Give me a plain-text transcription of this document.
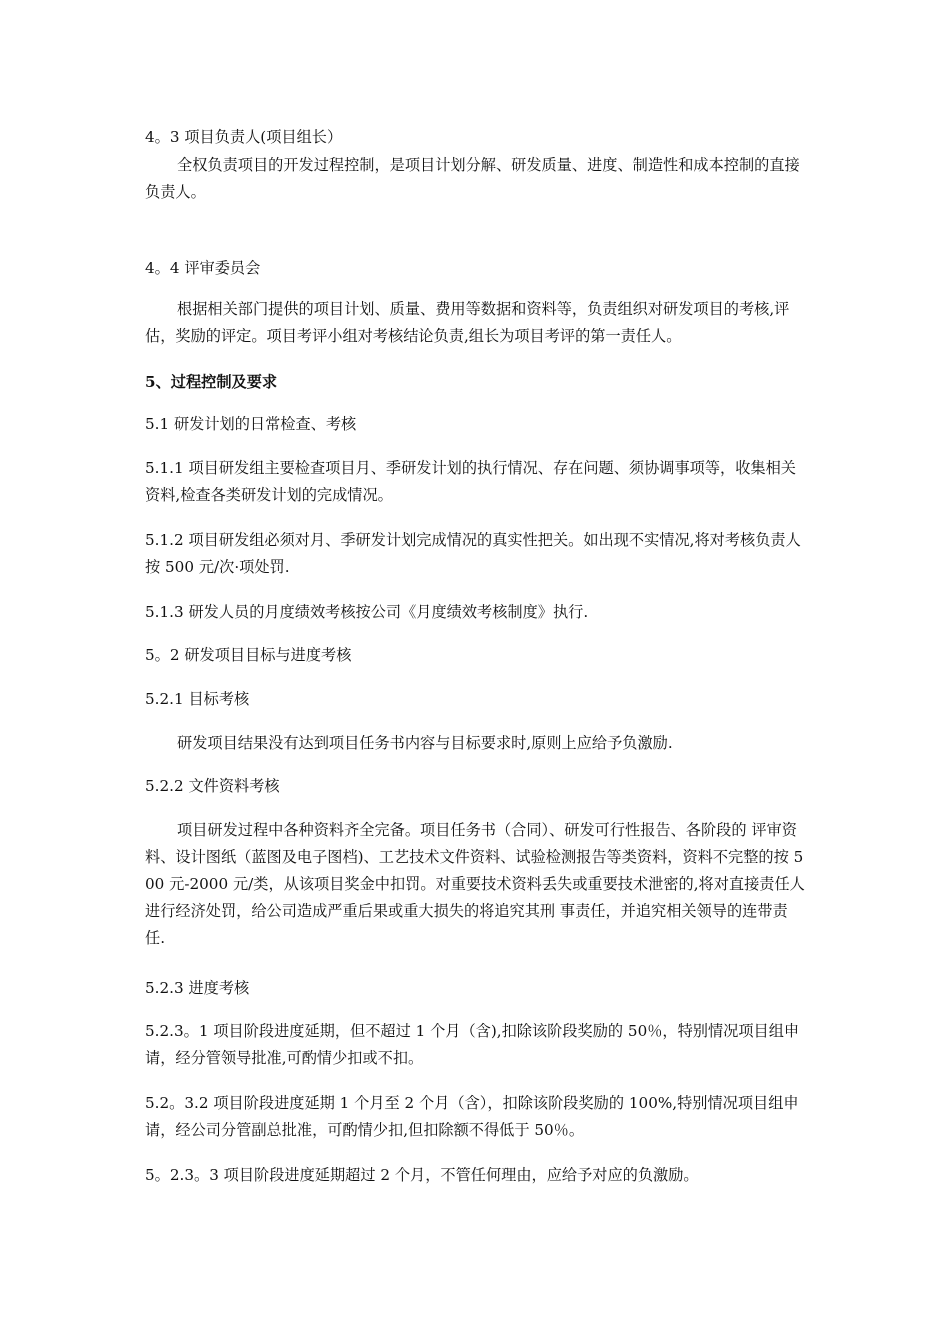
4。3 项目负责人(项目组长）

全权负责项目的开发过程控制，是项目计划分解、研发质量、进度、制造性和成本控制的直接负责人。

4。4 评审委员会

根据相关部门提供的项目计划、质量、费用等数据和资料等，负责组织对研发项目的考核,评估，奖励的评定。项目考评小组对考核结论负责,组长为项目考评的第一责任人。

5、过程控制及要求

5.1 研发计划的日常检查、考核

5.1.1 项目研发组主要检查项目月、季研发计划的执行情况、存在问题、须协调事项等，收集相关资料,检查各类研发计划的完成情况。

5.1.2 项目研发组必须对月、季研发计划完成情况的真实性把关。如出现不实情况,将对考核负责人按 500 元/次·项处罚.

5.1.3 研发人员的月度绩效考核按公司《月度绩效考核制度》执行.

5。2 研发项目目标与进度考核

5.2.1 目标考核

研发项目结果没有达到项目任务书内容与目标要求时,原则上应给予负激励.

5.2.2 文件资料考核

项目研发过程中各种资料齐全完备。项目任务书（合同）、研发可行性报告、各阶段的 评审资料、设计图纸（蓝图及电子图档)、工艺技术文件资料、试验检测报告等类资料，资料不完整的按 500 元-2000 元/类，从该项目奖金中扣罚。对重要技术资料丢失或重要技术泄密的,将对直接责任人进行经济处罚，给公司造成严重后果或重大损失的将追究其刑 事责任，并追究相关领导的连带责任.

5.2.3 进度考核

5.2.3。1 项目阶段进度延期，但不超过 1 个月（含),扣除该阶段奖励的 50％，特别情况项目组申请，经分管领导批准,可酌情少扣或不扣。

5.2。3.2 项目阶段进度延期 1 个月至 2 个月（含），扣除该阶段奖励的 100%,特别情况项目组申请，经公司分管副总批准，可酌情少扣,但扣除额不得低于 50％。

5。2.3。3 项目阶段进度延期超过 2 个月，不管任何理由，应给予对应的负激励。
